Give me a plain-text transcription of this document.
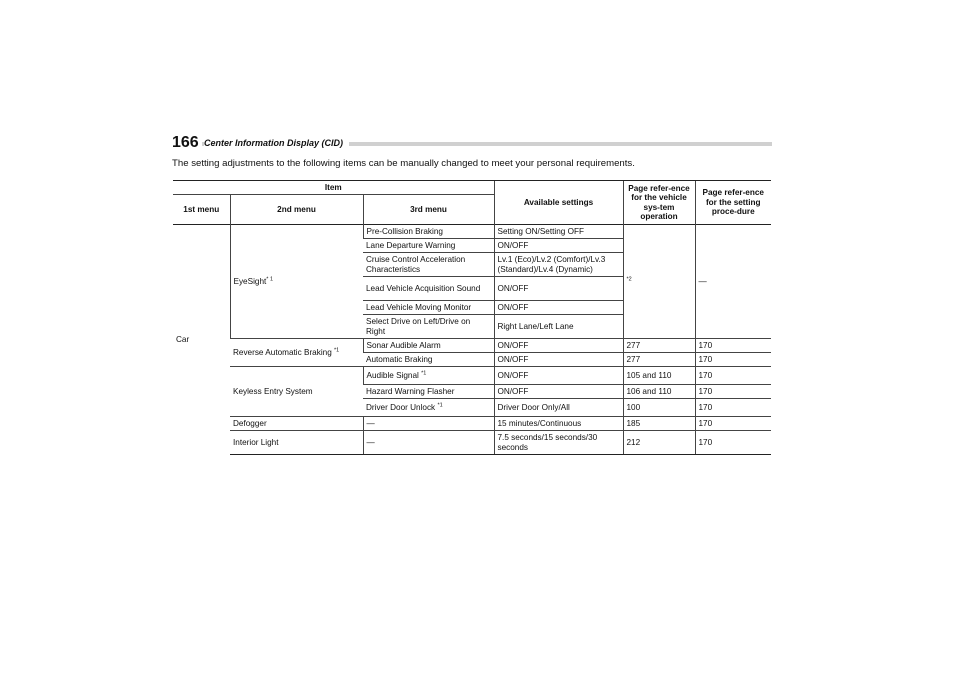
166 Center Information Display (CID)
The setting adjustments to the following items can be manually changed to meet your personal requirements.
Item			Available settings	Page refer-ence for the vehicle sys-tem operation	Page refer-ence for the setting proce-dure
1st menu	2nd menu	3rd menu			
Car	EyeSight$^{* 1}$	Pre-Collision Braking	Setting ON/Setting OFF	$^{*2}$	—
		Lane Departure Warning	ON/OFF		
		Cruise Control Acceleration Characteristics	Lv.1 (Eco)/Lv.2 (Comfort)/Lv.3 (Standard)/Lv.4 (Dynamic)		
		Lead Vehicle Acquisition Sound	ON/OFF		
		Lead Vehicle Moving Monitor	ON/OFF		
		Select Drive on Left/Drive on Right	Right Lane/Left Lane		
	Reverse Automatic Braking $^{*1}$	Sonar Audible Alarm	ON/OFF	277	170
		Automatic Braking	ON/OFF	277	170
	Keyless Entry System	Audible Signal $^{*1}$	ON/OFF	105 and 110	170
		Hazard Warning Flasher	ON/OFF	106 and 110	170
		Driver Door Unlock $^{*1}$	Driver Door Only/All	100	170
	Defogger	—	15 minutes/Continuous	185	170
	Interior Light	—	7.5 seconds/15 seconds/30 seconds	212	170
